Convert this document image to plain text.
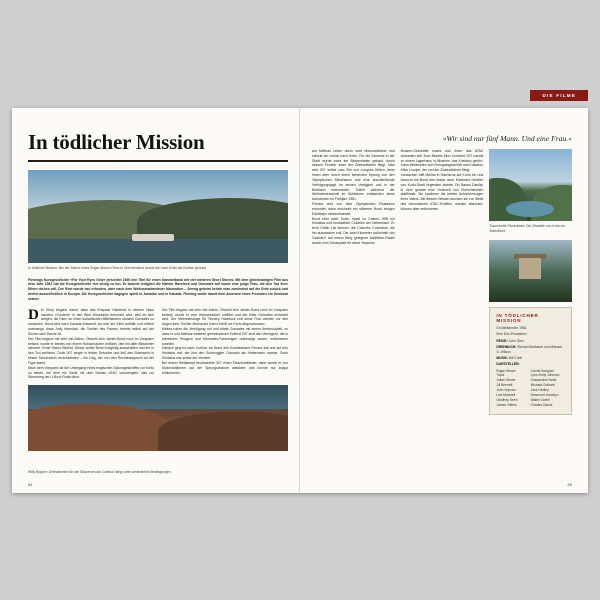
In tödlicher Mission
In tödlicher Mission: Bei der Szene eines Roger-Moore-Films in Griechenland wurde die Insel Korfu als Kulisse genutzt.
Flemings Kurzgeschichte »For Your Eyes Only« (erschien 1960 den Titel für einen Sammelband mit vier weiteren Short Stories. Mit dem gleichnamigen Film aus dem Jahr 1981 hat die Kurzgeschichte nur wenig zu tun. Er tauchte lediglich die Namen Havelock und Gonzales auf sowie eine junge Frau, die den Tod ihrer Eltern rächen will. Der Rest wurde neu erfunden, aber nach dem Weltraumabenteuer Moonraker – Streng geheim kehrte man zumindest auf die Erde zurück und drehte ausschließlich in Europa. Die Kurzgeschichte dagegen spielt in Jamaika und in Kanada. Fleming wollte damit dem Amerano eines Freundes ein Denkmal setzen.
Der Story begann damit, dass das Ehepaar Havelock in seinem Haus namens »Content« in den Blue Mountains ermordet wird, weil es sich weigert, die Farm an einen kubanischen Mittelsmann namens Gonzales zu verkaufen. Bond wird nach Kanada entsandt, wo sich der Killer aufhält, und erfährt unterwegs, dass Judy Havelock, die Tochter des Paares, bereits selbst auf der Suche nach Rache ist.
Der Film begann mit sehr viel Action, Obwohl sich James Bond noch im Vorspann befand, wurde er bereits von einem Hubschrauber entführt, den ein alter Bekannter steuerte: Ernst Stavro Blofeld. Dieser wollte Bond endgültig ausschalten und ihn in den Tod schicken. Doch 007 siegte in letzter Sekunde und ließ den Bösewicht in einem Schornstein verschwinden – ein Gag, der von den Rechteanspruch an der Figur stand.
Nach dem Vorspann ist der Untergang eines englischen Spionageschiffes vor Korfu zu sehen, bei dem ein Gerät mit dem Namen ATAC verlorengeht, das zur Steuerung der U-Boot-Flotte dient.
Der Film begann mit sehr viel Action, Obwohl sich James Bond noch im Vorspann befand, wurde er vom Hubschrauber entführt und der Killer Gonzales ermordet wird. Der Meeresbiologe Sir Timothy Havelock und seine Frau werden vor den Augen ihrer Tochter Melina auf ihrem Schiff vor Korfu abgeschossen.
Melina nahm die Verfolgung auf und tötete Gonzales mit einem Armbrustpfeil, so dass er und Melinas weiteren gemeinsamen Exfeind 007 sind den Verfolgern, die in schwerem Peugeot und Mercedes-Fahrzeugen unterwegs waren, entkommen konnten.
Danach ging es nach Cortina, wo Bond den Kontaktmann Ferrara traf und auf Aris Kristatos traf, der ihm den Schmuggler Columbo als Hintermann nannte. Doch Kristatos war selbst der Verräter.
Bei einem Wettkampf beobachtete 007 einen Eisschnellläufer, dann wurde er von Motorradfahrern auf der Sprungschanze attackiert und konnte nur knapp entkommen.
84
DIE FILME
»Wir sind nur fünf Mann. Und eine Frau.«
auf Melinas Leben durch zwei Motorradfahrer und schickt sie zurück nach Korfu. Für die Szenerie in der Stadt wurde extra ein Blumenladen gebaut, durch dessen Fenster einer der Zweiradfahrer fliegt. Man wird 007 selbst zum Ziel von Locques Killern, beim Ihnen aber durch einen beherzten Sprung von den Olympischen Skischanze und eine anschließende Verfolgungsjagd im seinen Vestigkeit und in der Bobbahn entkommen. Dabei während der Weltmeisterschaft im Bobfahren entstanden diese Aufnahmen im Frühjahr 1981.
Ferrara wird von dem Olympischen Eisstadion ermordet, dann erscheint ein silberner Bond einigen Edelsteps nebeneinander.
Bond reist nach Korfu, spielt im Casino, trifft mit Kristatos und beobachtet Columbo am Nebentisch. Er lernt Gräfin Lisl kennen, die Columbo Columbos, die ihn ausmachen soll. Der zwei Kilometer außerhalb von Castosi-Il auf einem Berg gelegene Achilleion-Palast wurde zum Schauplatz für diese Sequenz.
Bussen-Geschäfte macht und ihnen das ATAC verkaufen will. Zum Beweis führt Columbo 007 nachts zu einem Lagerhaus in Albanien, das Kristatos gehört. Dann bekämpfen sich Rohrgussgeschäft und Kristatos' Killer Locque, der von der Zweiradfahrer fliegt.
Inzwischen trifft Melina in Hächerna auf Korfu ein und besucht mit Bond den etwas neun Kilometer nördlich von Korfu-Stadt liegenden kleinen Ort Bassa Danilia, in dem gerade eine Hochzeit von Einheimischen stattfindet. Sie studieren die letzten Aufzeichnungen ihres Vaters. Mit diesem Wissen tauchen sie zur Stelle des versunkenen ATAC-Schiffes, werden attackiert, können aber entkommen.
Traumhafte Filmkulisse: Die Zitadelle von Korfu im Abendlicht.
IN TÖDLICHER MISSION
Großbritannien 1981
Eine Eon-Produktion
REGIE: John Glen
DREHBUCH: Richard Maibaum und Michael G. Wilson
MUSIK: Bill Conti
DARSTELLER:
Roger Moore	Carole Bouquet
Topol	Lynn-Holly Johnson
Julian Glover	Cassandra Harris
Jill Bennett	Michael Gothard
John Wyman	Jack Hedley
Lois Maxwell	Desmond Llewelyn
Geoffrey Keen	Walter Gotell
James Villiers	Charles Dance
85
Willy Bogner: Dreharbeiten für die Skiszenen am Cortina-Hang unter winterlichen Bedingungen.
